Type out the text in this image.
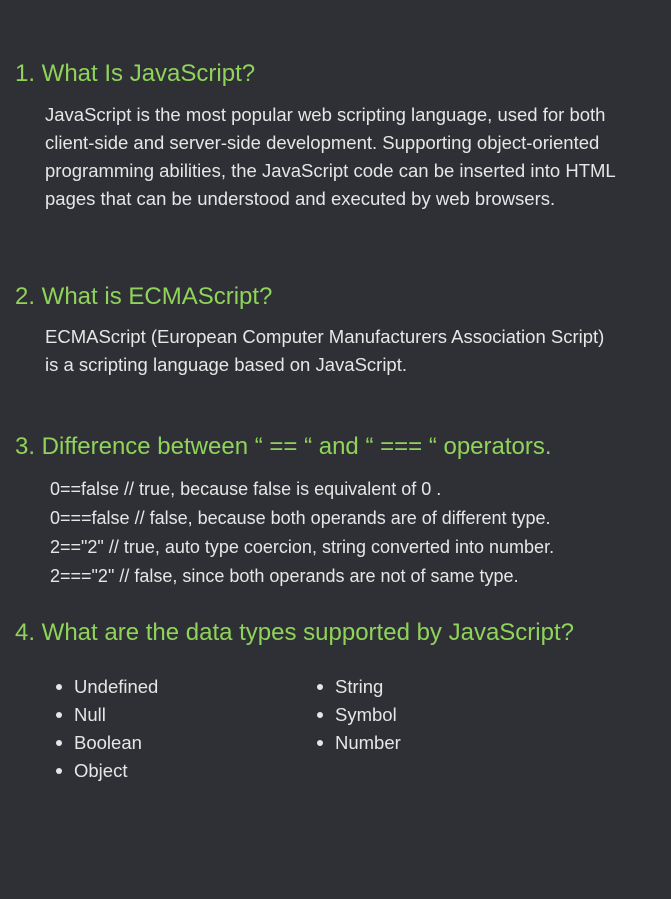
1. What Is JavaScript?

JavaScript is the most popular web scripting language, used for both client-side and server-side development. Supporting object-oriented programming abilities, the JavaScript code can be inserted into HTML pages that can be understood and executed by web browsers.

2. What is ECMAScript?

ECMAScript (European Computer Manufacturers Association Script) is a scripting language based on JavaScript.

3. Difference between “ == “ and “ === “ operators.
0==false // true, because false is equivalent of 0 .
0===false // false, because both operands are of different type.
2=="2" // true, auto type coercion, string converted into number.
2==="2" // false, since both operands are not of same type.
4. What are the data types supported by JavaScript?
Undefined
Null
Boolean
Object
String
Symbol
Number
